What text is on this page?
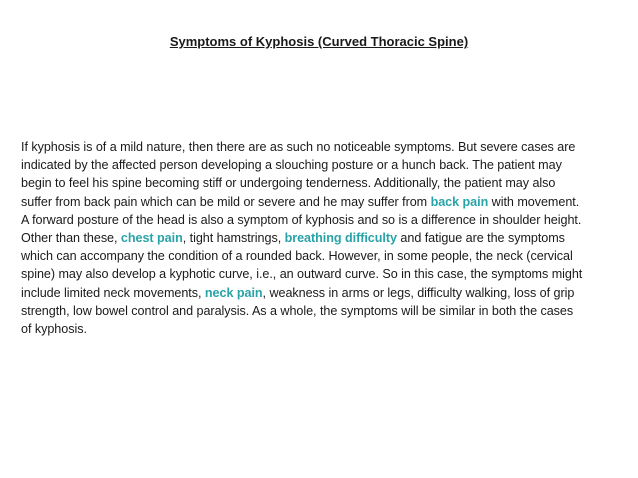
Symptoms of Kyphosis (Curved Thoracic Spine)
If kyphosis is of a mild nature, then there are as such no noticeable symptoms. But severe cases are
indicated by the affected person developing a slouching posture or a hunch back. The patient may
begin to feel his spine becoming stiff or undergoing tenderness. Additionally, the patient may also
suffer from back pain which can be mild or severe and he may suffer from back pain with movement.
A forward posture of the head is also a symptom of kyphosis and so is a difference in shoulder height.
Other than these, chest pain, tight hamstrings, breathing difficulty and fatigue are the symptoms
which can accompany the condition of a rounded back. However, in some people, the neck (cervical
spine) may also develop a kyphotic curve, i.e., an outward curve. So in this case, the symptoms might
include limited neck movements, neck pain, weakness in arms or legs, difficulty walking, loss of grip
strength, low bowel control and paralysis. As a whole, the symptoms will be similar in both the cases
of kyphosis.
